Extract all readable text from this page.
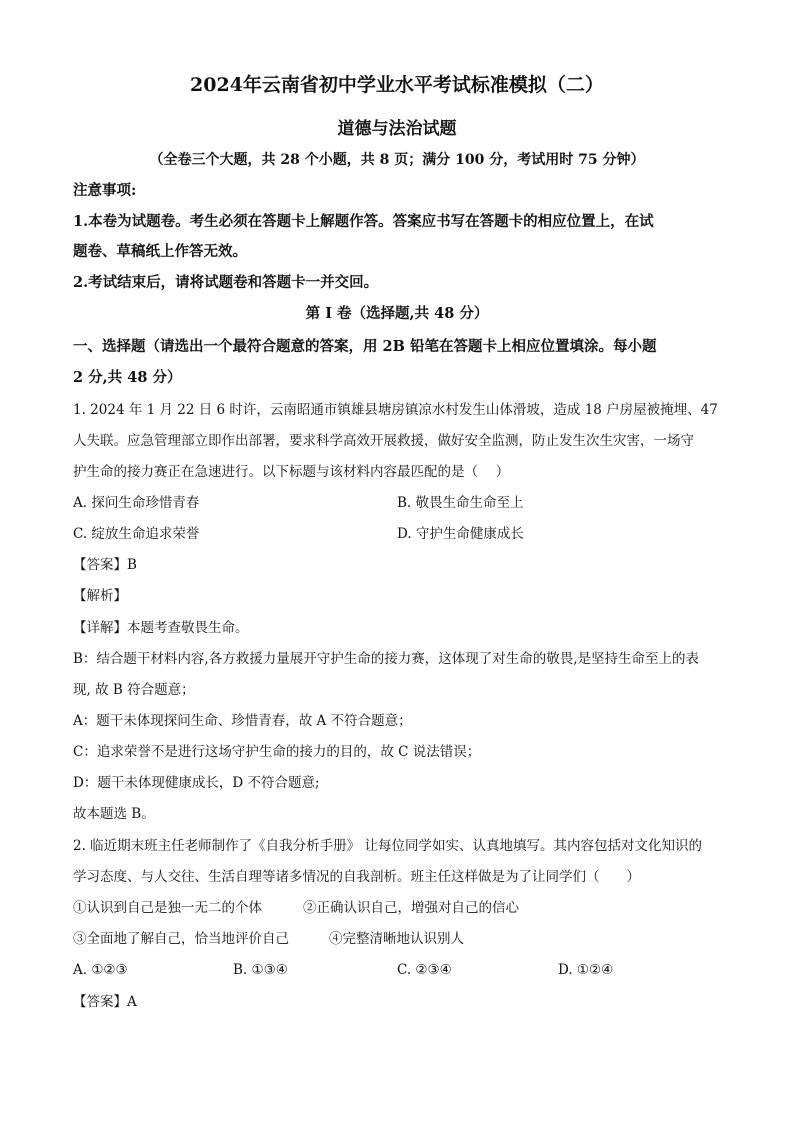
2024年云南省初中学业水平考试标准模拟（二）
道德与法治试题
（全卷三个大题，共 28 个小题，共 8 页；满分 100 分，考试用时 75 分钟）
注意事项:
1.本卷为试题卷。考生必须在答题卡上解题作答。答案应书写在答题卡的相应位置上，在试
题卷、草稿纸上作答无效。
2.考试结束后，请将试题卷和答题卡一并交回。
第 I 卷（选择题,共 48 分）
一、选择题（请选出一个最符合题意的答案，用 2B 铅笔在答题卡上相应位置填涂。每小题
2 分,共 48 分）
1. 2024 年 1 月 22 日 6 时许，云南昭通市镇雄县塘房镇凉水村发生山体滑坡，造成 18 户房屋被掩埋、47
人失联。应急管理部立即作出部署，要求科学高效开展救援，做好安全监测，防止发生次生灾害，一场守
护生命的接力赛正在急速进行。以下标题与该材料内容最匹配的是（　 ）
A. 探问生命珍惜青春	B. 敬畏生命生命至上
C. 绽放生命追求荣誉	D. 守护生命健康成长
【答案】B
【解析】
【详解】本题考查敬畏生命。
B：结合题干材料内容,各方救援力量展开守护生命的接力赛，这体现了对生命的敬畏,是坚持生命至上的表
现, 故 B 符合题意；
A：题干未体现探问生命、珍惜青春，故 A 不符合题意；
C：追求荣誉不是进行这场守护生命的接力的目的，故 C 说法错误；
D：题干未体现健康成长，D 不符合题意;
故本题选 B。
2. 临近期末班主任老师制作了《自我分析手册》 让每位同学如实、认真地填写。其内容包括对文化知识的
学习态度、与人交往、生活自理等诸多情况的自我剖析。班主任这样做是为了让同学们（　　）
①认识到自己是独一无二的个体	②正确认识自己，增强对自己的信心
③全面地了解自己，恰当地评价自己	④完整清晰地认识别人
A. ①②③	B. ①③④	C. ②③④	D. ①②④
【答案】A
